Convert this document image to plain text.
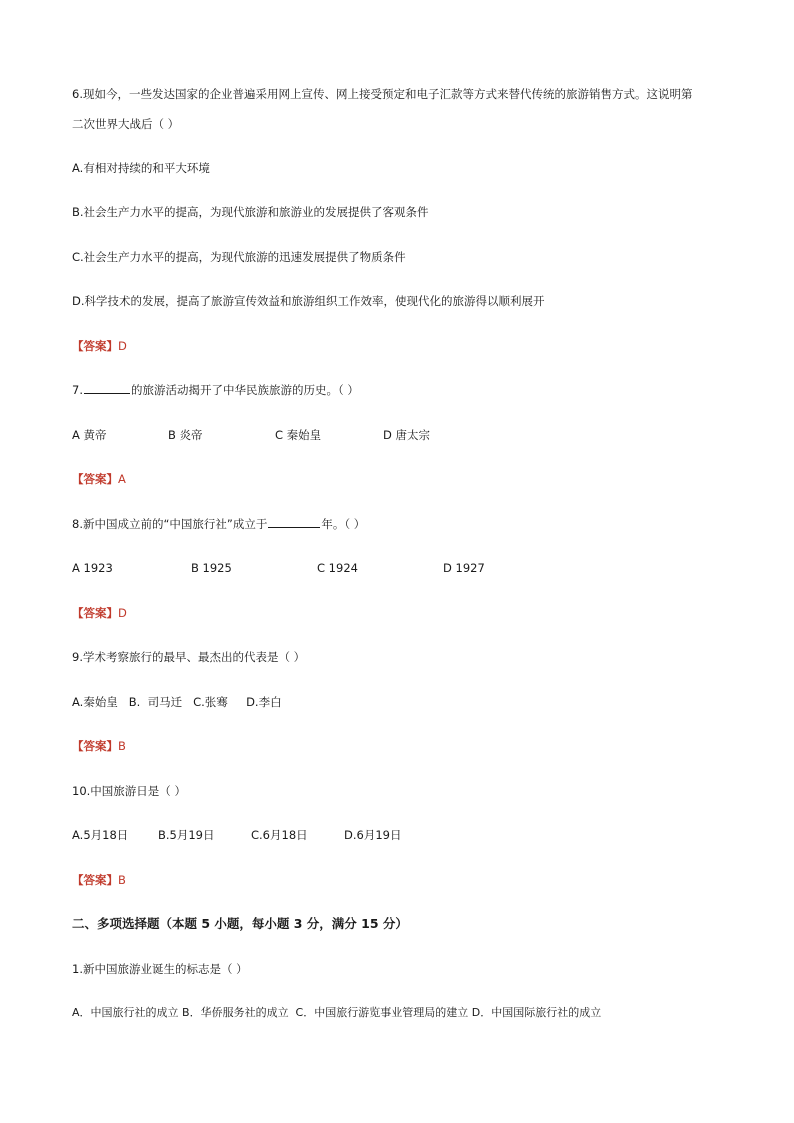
6.现如今，一些发达国家的企业普遍采用网上宣传、网上接受预定和电子汇款等方式来替代传统的旅游销售方式。这说明第
二次世界大战后（ ）
A.有相对持续的和平大环境
B.社会生产力水平的提高，为现代旅游和旅游业的发展提供了客观条件
C.社会生产力水平的提高，为现代旅游的迅速发展提供了物质条件
D.科学技术的发展，提高了旅游宣传效益和旅游组织工作效率，使现代化的旅游得以顺利展开
【答案】D
7.	的旅游活动揭开了中华民族旅游的历史。（ ）
A 黄帝	B 炎帝	C 秦始皇	D 唐太宗
【答案】A
8.新中国成立前的“中国旅行社”成立于	年。（ ）
A 1923	B 1925	C 1924	D 1927
【答案】D
9.学术考察旅行的最早、最杰出的代表是（ ）
A.秦始皇   B.  司马迁   C.张骞     D.李白
【答案】B
10.中国旅游日是（ ）
A.5月18日	B.5月19日	C.6月18日	D.6月19日
【答案】B
二、多项选择题（本题 5 小题，每小题 3 分，满分 15 分）
1.新中国旅游业诞生的标志是（ ）
A．中国旅行社的成立 B．华侨服务社的成立  C．中国旅行游览事业管理局的建立 D．中国国际旅行社的成立
